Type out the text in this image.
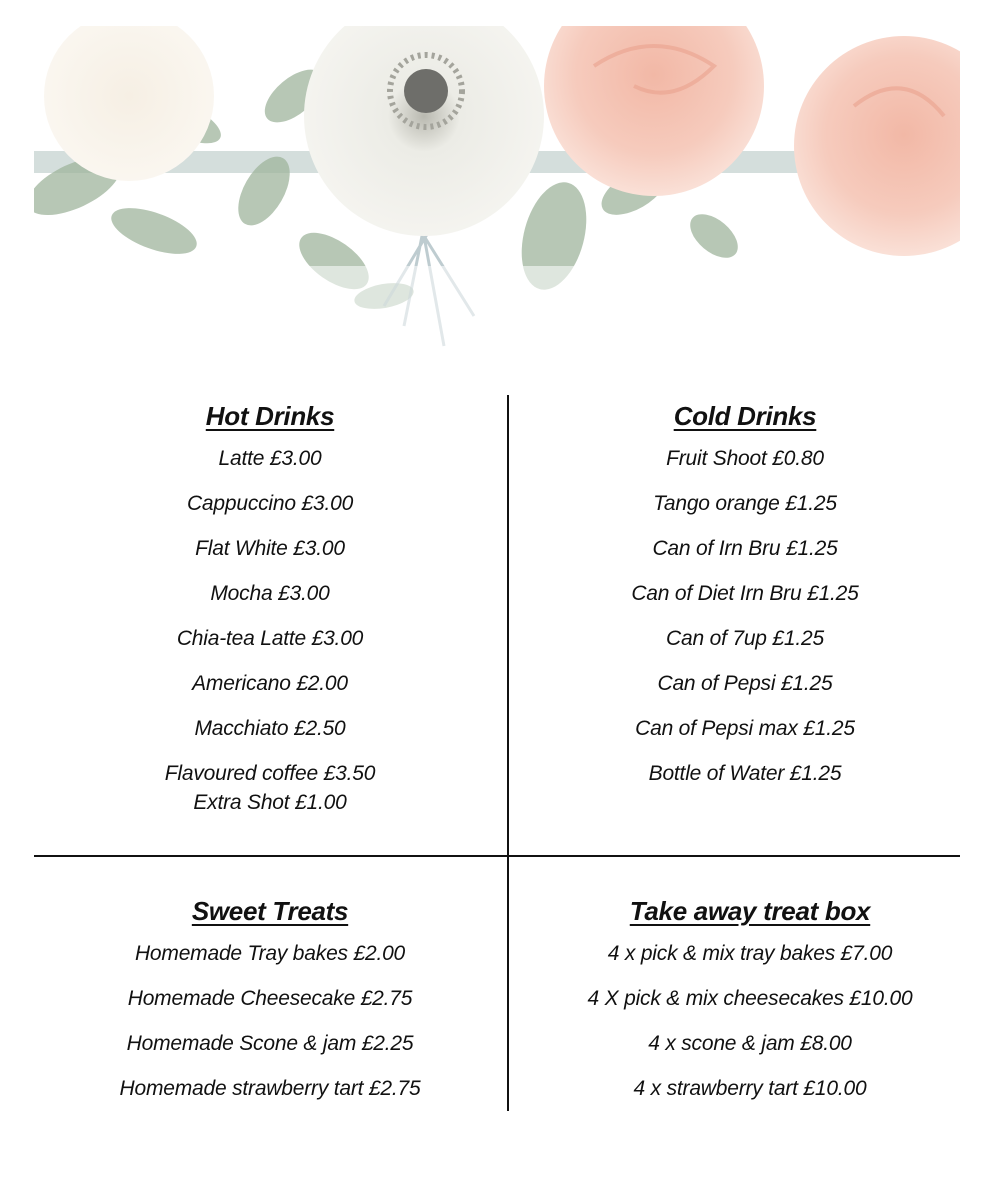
Hot Drinks
Latte £3.00
Cappuccino £3.00
Flat White £3.00
Mocha £3.00
Chia-tea Latte £3.00
Americano £2.00
Macchiato £2.50
Flavoured coffee £3.50
Extra Shot £1.00
Cold Drinks
Fruit Shoot £0.80
Tango orange £1.25
Can of Irn Bru £1.25
Can of Diet Irn Bru £1.25
Can of 7up £1.25
Can of Pepsi £1.25
Can of Pepsi max £1.25
Bottle of Water £1.25
Sweet Treats
Homemade Tray bakes £2.00
Homemade Cheesecake £2.75
Homemade Scone & jam £2.25
Homemade strawberry tart £2.75
Take away treat box
4 x pick & mix tray bakes £7.00
4 X pick & mix cheesecakes £10.00
4 x scone & jam £8.00
4 x strawberry tart £10.00
